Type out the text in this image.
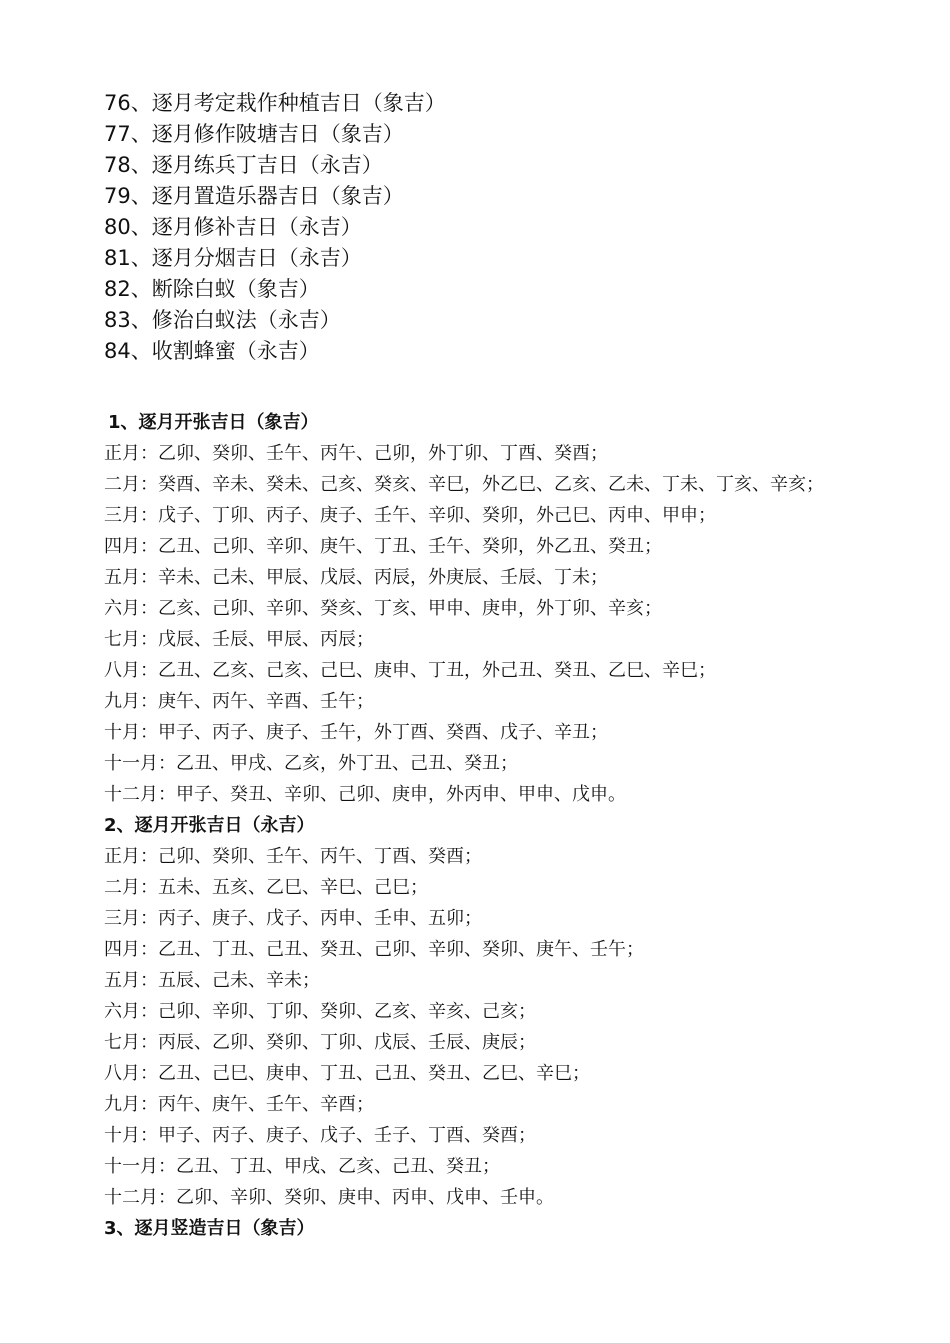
76、逐月考定栽作种植吉日（象吉）
77、逐月修作陂塘吉日（象吉）
78、逐月练兵丁吉日（永吉）
79、逐月置造乐器吉日（象吉）
80、逐月修补吉日（永吉）
81、逐月分烟吉日（永吉）
82、断除白蚁（象吉）
83、修治白蚁法（永吉）
84、收割蜂蜜（永吉）
1、逐月开张吉日（象吉）
正月：乙卯、癸卯、壬午、丙午、己卯，外丁卯、丁酉、癸酉；
二月：癸酉、辛未、癸未、己亥、癸亥、辛巳，外乙巳、乙亥、乙未、丁未、丁亥、辛亥；
三月：戊子、丁卯、丙子、庚子、壬午、辛卯、癸卯，外己巳、丙申、甲申；
四月：乙丑、己卯、辛卯、庚午、丁丑、壬午、癸卯，外乙丑、癸丑；
五月：辛未、己未、甲辰、戊辰、丙辰，外庚辰、壬辰、丁未；
六月：乙亥、己卯、辛卯、癸亥、丁亥、甲申、庚申，外丁卯、辛亥；
七月：戊辰、壬辰、甲辰、丙辰；
八月：乙丑、乙亥、己亥、己巳、庚申、丁丑，外己丑、癸丑、乙巳、辛巳；
九月：庚午、丙午、辛酉、壬午；
十月：甲子、丙子、庚子、壬午，外丁酉、癸酉、戊子、辛丑；
十一月：乙丑、甲戌、乙亥，外丁丑、己丑、癸丑；
十二月：甲子、癸丑、辛卯、己卯、庚申，外丙申、甲申、戊申。
2、逐月开张吉日（永吉）
正月：己卯、癸卯、壬午、丙午、丁酉、癸酉；
二月：五未、五亥、乙巳、辛巳、己巳；
三月：丙子、庚子、戊子、丙申、壬申、五卯；
四月：乙丑、丁丑、己丑、癸丑、己卯、辛卯、癸卯、庚午、壬午；
五月：五辰、己未、辛未；
六月：己卯、辛卯、丁卯、癸卯、乙亥、辛亥、己亥；
七月：丙辰、乙卯、癸卯、丁卯、戊辰、壬辰、庚辰；
八月：乙丑、己巳、庚申、丁丑、己丑、癸丑、乙巳、辛巳；
九月：丙午、庚午、壬午、辛酉；
十月：甲子、丙子、庚子、戊子、壬子、丁酉、癸酉；
十一月：乙丑、丁丑、甲戌、乙亥、己丑、癸丑；
十二月：乙卯、辛卯、癸卯、庚申、丙申、戊申、壬申。
3、逐月竖造吉日（象吉）
